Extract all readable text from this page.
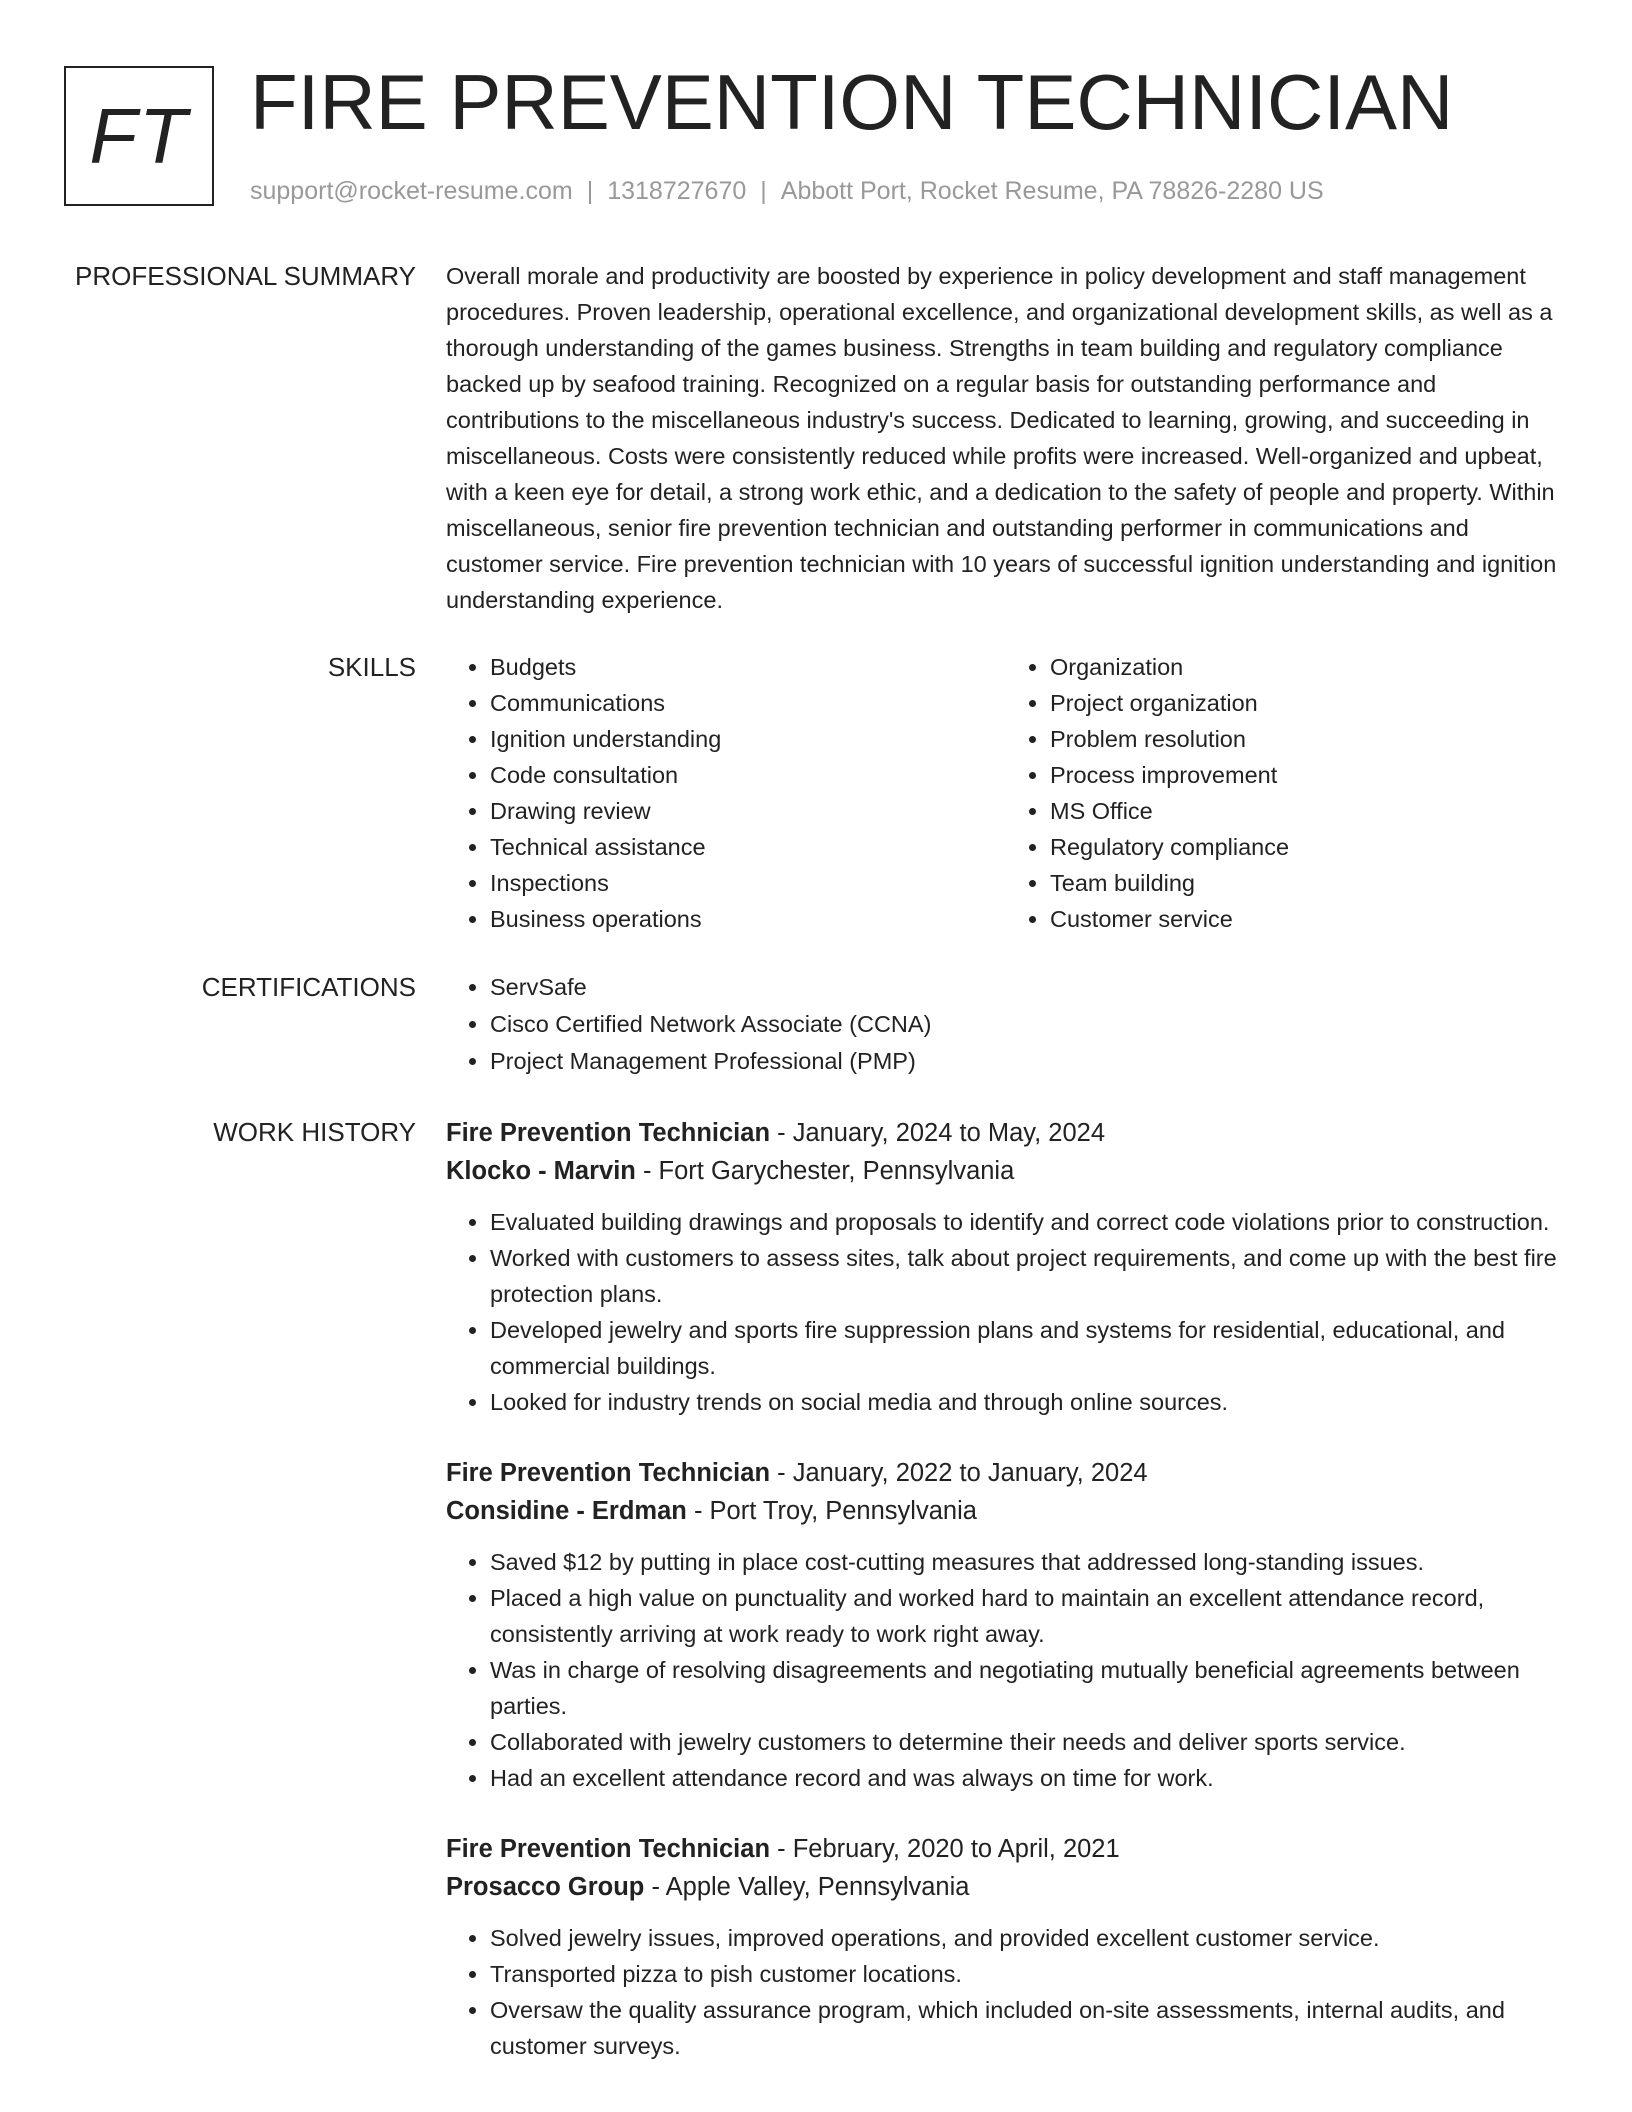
FT FIRE PREVENTION TECHNICIAN
support@rocket-resume.com | 1318727670 | Abbott Port, Rocket Resume, PA 78826-2280 US
PROFESSIONAL SUMMARY Overall morale and productivity are boosted by experience in policy development and staff management procedures. Proven leadership, operational excellence, and organizational development skills, as well as a thorough understanding of the games business. Strengths in team building and regulatory compliance backed up by seafood training. Recognized on a regular basis for outstanding performance and contributions to the miscellaneous industry's success. Dedicated to learning, growing, and succeeding in miscellaneous. Costs were consistently reduced while profits were increased. Well-organized and upbeat, with a keen eye for detail, a strong work ethic, and a dedication to the safety of people and property. Within miscellaneous, senior fire prevention technician and outstanding performer in communications and customer service. Fire prevention technician with 10 years of successful ignition understanding and ignition understanding experience.

SKILLS	• Budgets
• Communications
• Ignition understanding
• Code consultation
• Drawing review
• Technical assistance
• Inspections
• Business operations
• Organization
• Project organization
• Problem resolution
• Process improvement
• MS Office
• Regulatory compliance
• Team building
• Customer service
CERTIFICATIONS	• ServSafe
• Cisco Certified Network Associate (CCNA)
• Project Management Professional (PMP)
WORK HISTORY Fire Prevention Technician - January, 2024 to May, 2024
Klocko - Marvin - Fort Garychester, Pennsylvania
• Evaluated building drawings and proposals to identify and correct code violations prior to construction.
• Worked with customers to assess sites, talk about project requirements, and come up with the best fire protection plans.
• Developed jewelry and sports fire suppression plans and systems for residential, educational, and commercial buildings.
• Looked for industry trends on social media and through online sources.
Fire Prevention Technician - January, 2022 to January, 2024
Considine - Erdman - Port Troy, Pennsylvania
• Saved $12 by putting in place cost-cutting measures that addressed long-standing issues.
• Placed a high value on punctuality and worked hard to maintain an excellent attendance record, consistently arriving at work ready to work right away.
• Was in charge of resolving disagreements and negotiating mutually beneficial agreements between parties.
• Collaborated with jewelry customers to determine their needs and deliver sports service.
• Had an excellent attendance record and was always on time for work.
Fire Prevention Technician - February, 2020 to April, 2021
Prosacco Group - Apple Valley, Pennsylvania
• Solved jewelry issues, improved operations, and provided excellent customer service.
• Transported pizza to pish customer locations.
• Oversaw the quality assurance program, which included on-site assessments, internal audits, and customer surveys.
